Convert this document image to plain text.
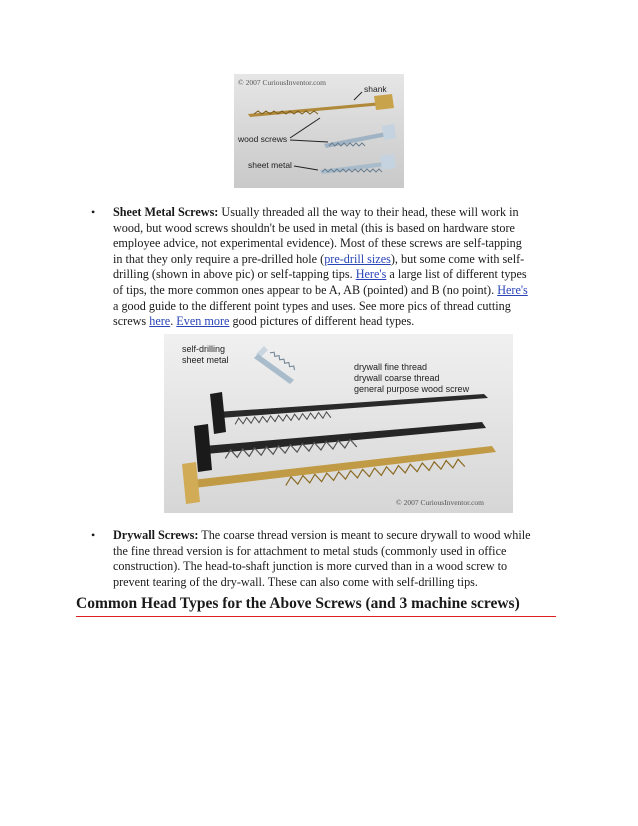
© 2007 CuriousInventor.com
shank
wood screws
sheet metal
• Sheet Metal Screws: Usually threaded all the way to their head, these will work in wood, but wood screws shouldn't be used in metal (this is based on hardware store employee advice, not experimental evidence). Most of these screws are self-tapping in that they only require a pre-drilled hole (pre-drill sizes), but some come with self-drilling (shown in above pic) or self-tapping tips. Here's a large list of different types of tips, the more common ones appear to be A, AB (pointed) and B (no point). Here's a good guide to the different point types and uses. See more pics of thread cutting screws here. Even more good pictures of different head types.
self-drilling
sheet metal
drywall fine thread
drywall coarse thread
general purpose wood screw
© 2007 CuriousInventor.com
• Drywall Screws: The coarse thread version is meant to secure drywall to wood while the fine thread version is for attachment to metal studs (commonly used in office construction). The head-to-shaft junction is more curved than in a wood screw to prevent tearing of the dry-wall. These can also come with self-drilling tips.
Common Head Types for the Above Screws (and 3 machine screws)
